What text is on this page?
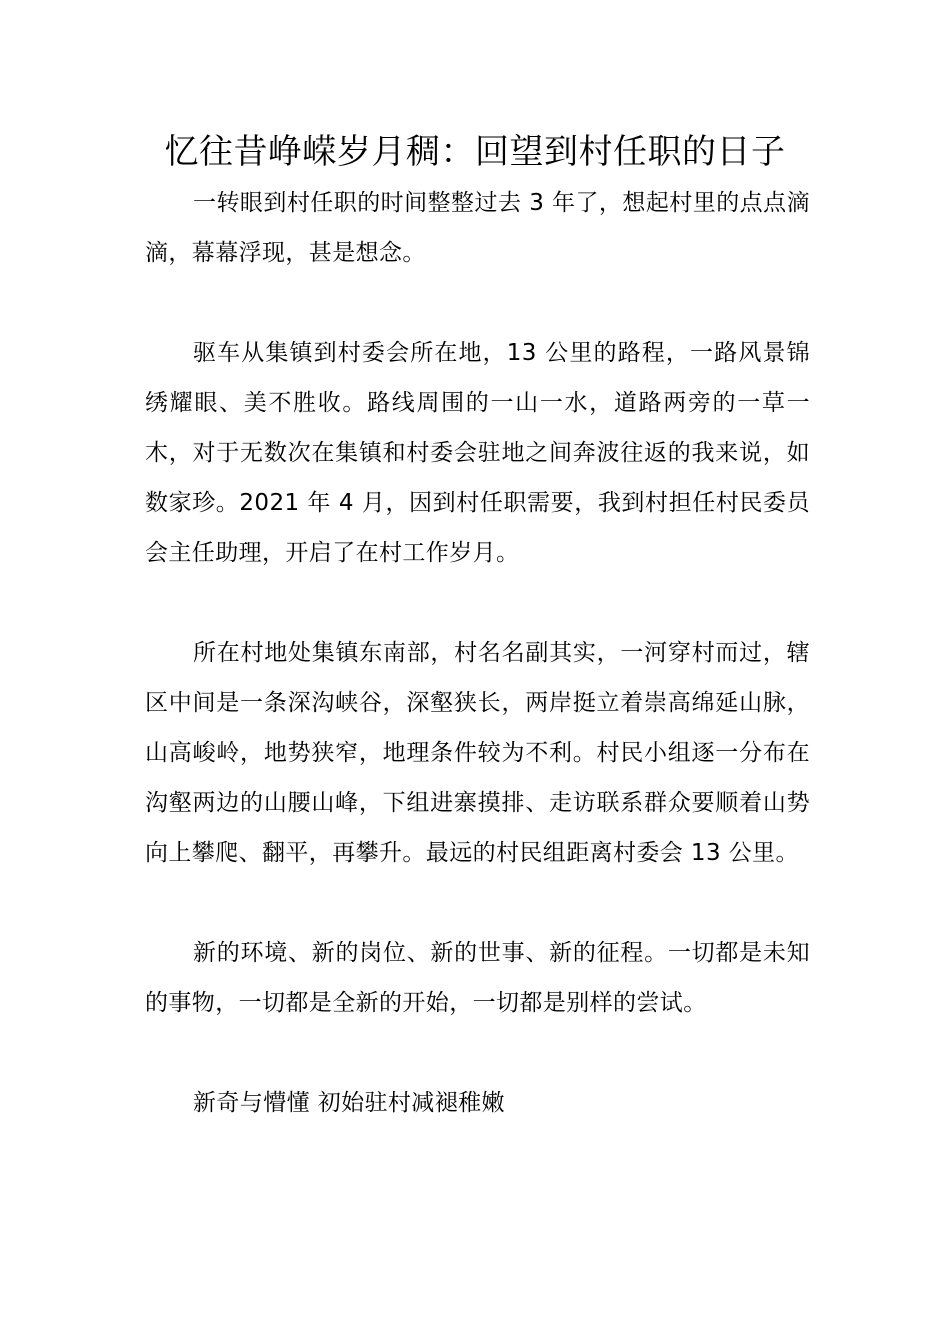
忆往昔峥嵘岁月稠：回望到村任职的日子

一转眼到村任职的时间整整过去 3 年了，想起村里的点点滴滴，幕幕浮现，甚是想念。

驱车从集镇到村委会所在地，13 公里的路程，一路风景锦绣耀眼、美不胜收。路线周围的一山一水，道路两旁的一草一木，对于无数次在集镇和村委会驻地之间奔波往返的我来说，如数家珍。2021 年 4 月，因到村任职需要，我到村担任村民委员会主任助理，开启了在村工作岁月。

所在村地处集镇东南部，村名名副其实，一河穿村而过，辖区中间是一条深沟峡谷，深壑狭长，两岸挺立着崇高绵延山脉，山高峻岭，地势狭窄，地理条件较为不利。村民小组逐一分布在沟壑两边的山腰山峰，下组进寨摸排、走访联系群众要顺着山势向上攀爬、翻平，再攀升。最远的村民组距离村委会 13 公里。

新的环境、新的岗位、新的世事、新的征程。一切都是未知的事物，一切都是全新的开始，一切都是别样的尝试。

新奇与懵懂 初始驻村减褪稚嫩
